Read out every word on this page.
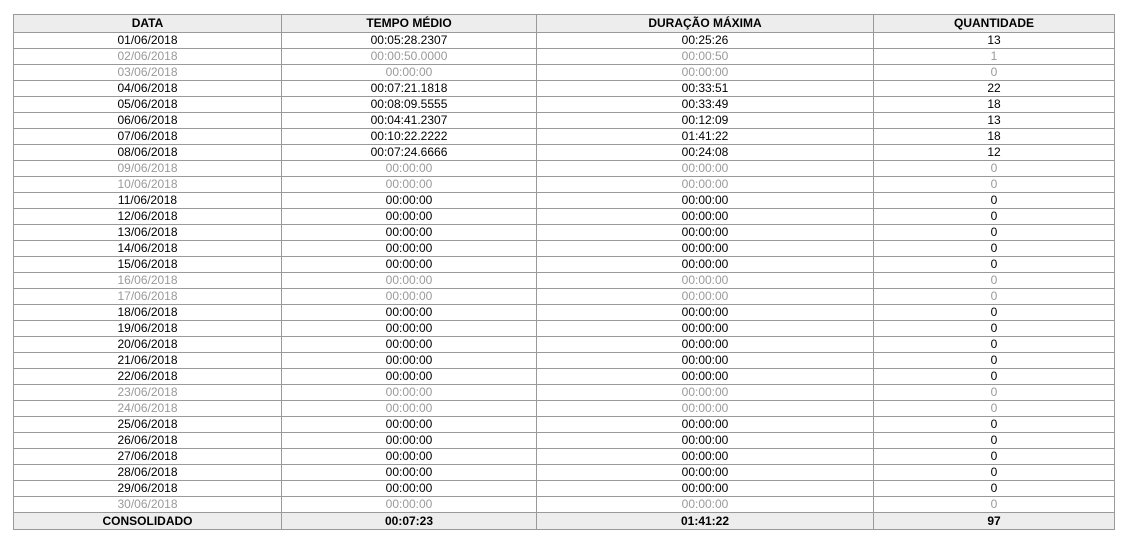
DATA	TEMPO MÉDIO	DURAÇÃO MÁXIMA	QUANTIDADE
01/06/2018	00:05:28.2307	00:25:26	13
02/06/2018	00:00:50.0000	00:00:50	1
03/06/2018	00:00:00	00:00:00	0
04/06/2018	00:07:21.1818	00:33:51	22
05/06/2018	00:08:09.5555	00:33:49	18
06/06/2018	00:04:41.2307	00:12:09	13
07/06/2018	00:10:22.2222	01:41:22	18
08/06/2018	00:07:24.6666	00:24:08	12
09/06/2018	00:00:00	00:00:00	0
10/06/2018	00:00:00	00:00:00	0
11/06/2018	00:00:00	00:00:00	0
12/06/2018	00:00:00	00:00:00	0
13/06/2018	00:00:00	00:00:00	0
14/06/2018	00:00:00	00:00:00	0
15/06/2018	00:00:00	00:00:00	0
16/06/2018	00:00:00	00:00:00	0
17/06/2018	00:00:00	00:00:00	0
18/06/2018	00:00:00	00:00:00	0
19/06/2018	00:00:00	00:00:00	0
20/06/2018	00:00:00	00:00:00	0
21/06/2018	00:00:00	00:00:00	0
22/06/2018	00:00:00	00:00:00	0
23/06/2018	00:00:00	00:00:00	0
24/06/2018	00:00:00	00:00:00	0
25/06/2018	00:00:00	00:00:00	0
26/06/2018	00:00:00	00:00:00	0
27/06/2018	00:00:00	00:00:00	0
28/06/2018	00:00:00	00:00:00	0
29/06/2018	00:00:00	00:00:00	0
30/06/2018	00:00:00	00:00:00	0
CONSOLIDADO	00:07:23	01:41:22	97
